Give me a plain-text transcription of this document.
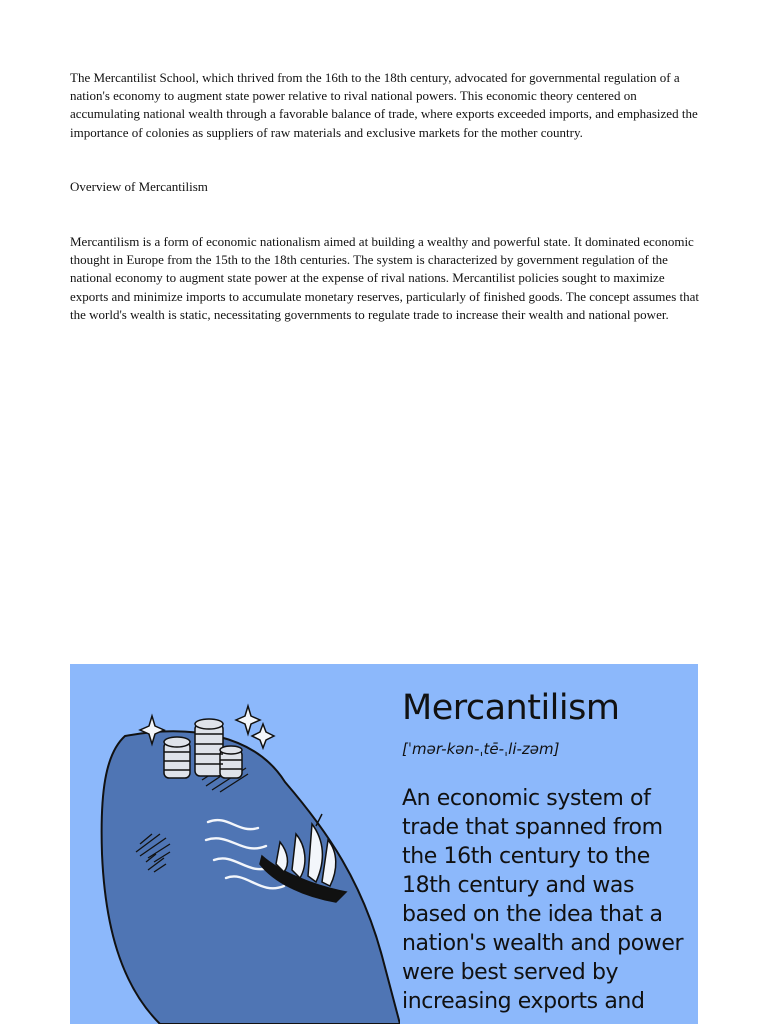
The Mercantilist School, which thrived from the 16th to the 18th century, advocated for governmental regulation of a nation's economy to augment state power relative to rival national powers. This economic theory centered on accumulating national wealth through a favorable balance of trade, where exports exceeded imports, and emphasized the importance of colonies as suppliers of raw materials and exclusive markets for the mother country.

Overview of Mercantilism

Mercantilism is a form of economic nationalism aimed at building a wealthy and powerful state. It dominated economic thought in Europe from the 15th to the 18th centuries. The system is characterized by government regulation of the national economy to augment state power at the expense of rival nations. Mercantilist policies sought to maximize exports and minimize imports to accumulate monetary reserves, particularly of finished goods. The concept assumes that the world's wealth is static, necessitating governments to regulate trade to increase their wealth and national power.

Mercantilism

[ˈmər-kən-ˌtē-ˌli-zəm]

An economic system of trade that spanned from the 16th century to the 18th century and was based on the idea that a nation's wealth and power were best served by increasing exports and
